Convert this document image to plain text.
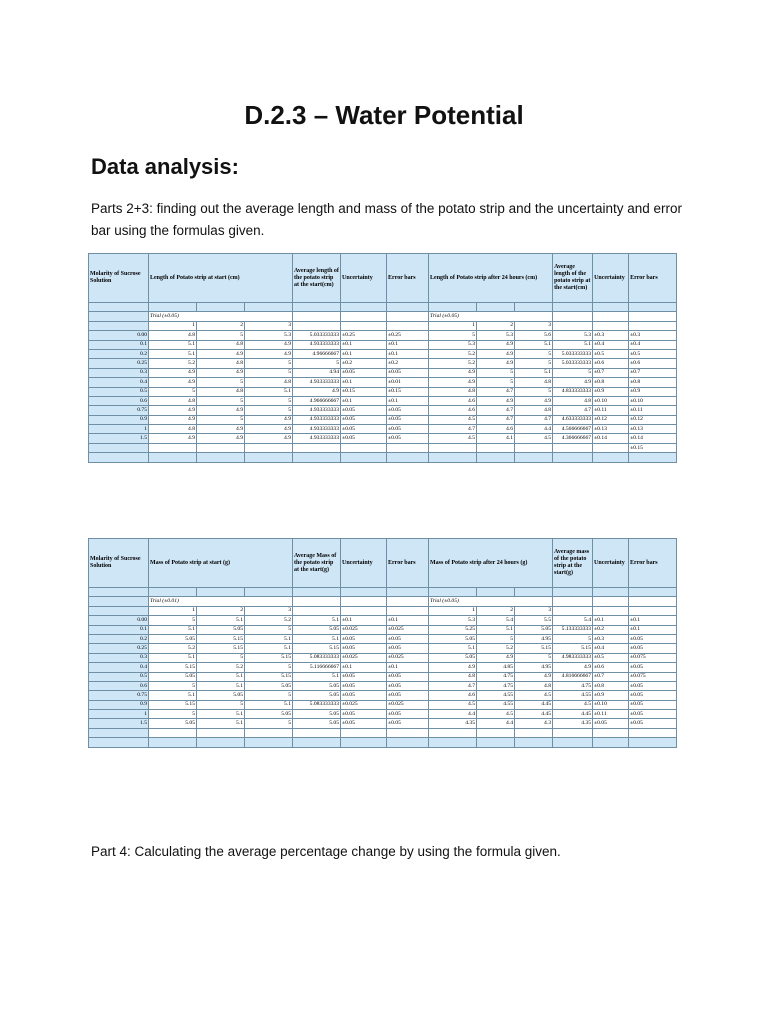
D.2.3 – Water Potential
Data analysis:

Parts 2+3: finding out the average length and mass of the potato strip and the uncertainty and error bar using the formulas given.

Molarity of Sucrose Solution	Length of Potato strip at start (cm)			Average length of the potato strip at the start(cm)	Uncertainty	Error bars	Length of Potato strip after 24 hours (cm)			Average length of the potato strip at the start(cm)	Uncertainty	Error bars

	Trial (±0.05)						Trial (±0.05)					
	1	2	3				1	2	3			
0.00	4.8	5	5.3	5.033333333	±0.25	±0.25	5	5.3	5.6	5.3	±0.3	±0.3
0.1	5.1	4.8	4.9	4.933333333	±0.1	±0.1	5.3	4.9	5.1	5.1	±0.4	±0.4
0.2	5.1	4.9	4.9	4.96666667	±0.1	±0.1	5.2	4.9	5	5.033333333	±0.5	±0.5
0.25	5.2	4.8	5	5	±0.2	±0.2	5.2	4.9	5	5.033333333	±0.6	±0.6
0.3	4.9	4.9	5	4.94	±0.05	±0.05	4.9	5	5.1	5	±0.7	±0.7
0.4	4.9	5	4.8	4.933333333	±0.1	±0.01	4.9	5	4.8	4.9	±0.8	±0.8
0.5	5	4.8	5.1	4.9	±0.15	±0.15	4.8	4.7	5	4.833333333	±0.9	±0.9
0.6	4.8	5	5	4.966666667	±0.1	±0.1	4.6	4.9	4.9	4.8	±0.10	±0.10
0.75	4.9	4.9	5	4.933333333	±0.05	±0.05	4.6	4.7	4.8	4.7	±0.11	±0.11
0.9	4.9	5	4.9	4.933333333	±0.05	±0.05	4.5	4.7	4.7	4.633333333	±0.12	±0.12
1	4.8	4.9	4.9	4.933333333	±0.05	±0.05	4.7	4.6	4.4	4.566666667	±0.13	±0.13
1.5	4.9	4.9	4.9	4.933333333	±0.05	±0.05	4.5	4.1	4.5	4.366666667	±0.14	±0.14
												±0.15

Molarity of Sucrose Solution	Mass of Potato strip at start (g)			Average Mass of the potato strip at the start(g)	Uncertainty	Error bars	Mass of Potato strip after 24 hours (g)			Average mass of the potato strip at the start(g)	Uncertainty	Error bars

	Trial (±0.01)						Trial (±0.05)					
	1	2	3				1	2	3			
0.00	5	5.1	5.2	5.1	±0.1	±0.1	5.3	5.4	5.5	5.4	±0.1	±0.1
0.1	5.1	5.05	5	5.05	±0.025	±0.025	5.25	5.1	5.05	5.133333333	±0.2	±0.1
0.2	5.05	5.15	5.1	5.1	±0.05	±0.05	5.05	5	4.95	5	±0.3	±0.05
0.25	5.2	5.15	5.1	5.15	±0.05	±0.05	5.1	5.2	5.15	5.15	±0.4	±0.05
0.3	5.1	5	5.15	5.083333333	±0.025	±0.025	5.05	4.9	5	4.983333333	±0.5	±0.075
0.4	5.15	5.2	5	5.116666667	±0.1	±0.1	4.9	4.85	4.95	4.9	±0.6	±0.05
0.5	5.05	5.1	5.15	5.1	±0.05	±0.05	4.8	4.75	4.9	4.816666667	±0.7	±0.075
0.6	5	5.1	5.05	5.05	±0.05	±0.05	4.7	4.75	4.8	4.75	±0.8	±0.05
0.75	5.1	5.05	5	5.05	±0.05	±0.05	4.6	4.55	4.5	4.55	±0.9	±0.05
0.9	5.15	5	5.1	5.083333333	±0.025	±0.025	4.5	4.55	4.45	4.5	±0.10	±0.05
1	5	5.1	5.05	5.05	±0.05	±0.05	4.4	4.5	4.45	4.45	±0.11	±0.05
1.5	5.05	5.1	5	5.05	±0.05	±0.05	4.35	4.4	4.3	4.35	±0.05	±0.05

Part 4: Calculating the average percentage change by using the formula given.
